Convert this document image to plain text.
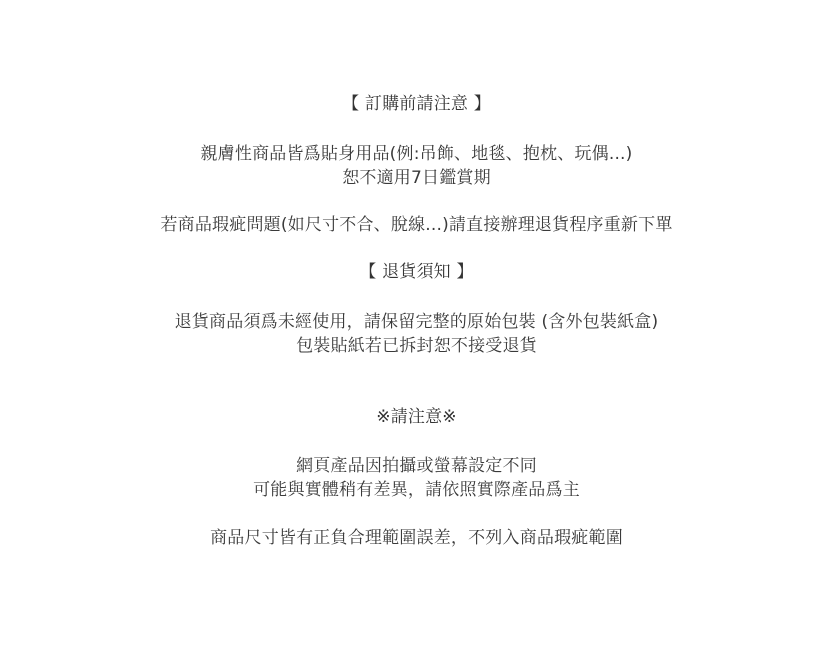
【 訂購前請注意 】
親膚性商品皆爲貼身用品(例:吊飾、地毯、抱枕、玩偶...)
恕不適用7日鑑賞期
若商品瑕疵問題(如尺寸不合、脫線...)請直接辦理退貨程序重新下單
【 退貨須知 】
退貨商品須爲未經使用，請保留完整的原始包裝 (含外包裝紙盒)
包裝貼紙若已拆封恕不接受退貨
※請注意※
網頁產品因拍攝或螢幕設定不同
可能與實體稍有差異，請依照實際產品爲主
商品尺寸皆有正負合理範圍誤差，不列入商品瑕疵範圍
